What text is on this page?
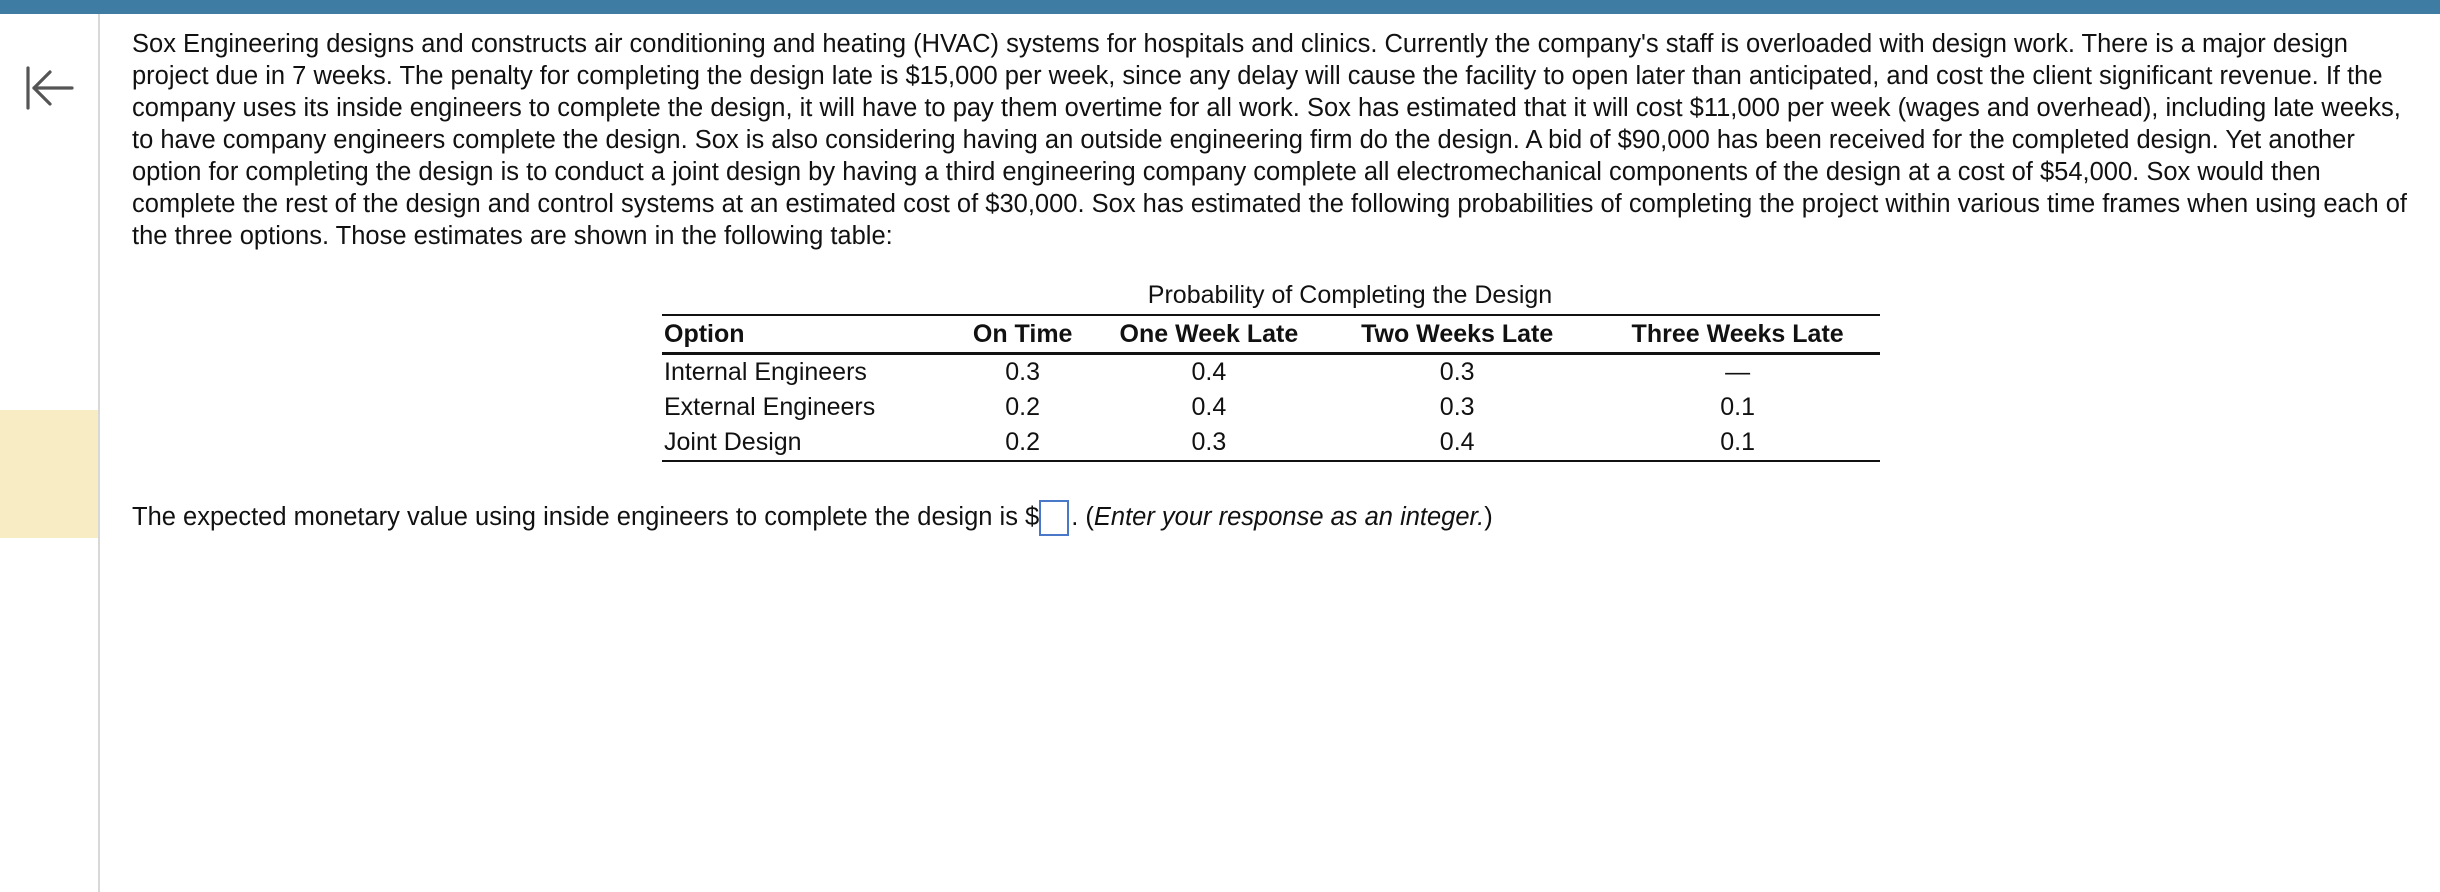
Sox Engineering designs and constructs air conditioning and heating (HVAC) systems for hospitals and clinics. Currently the company's staff is overloaded with design work. There is a major design project due in 7 weeks. The penalty for completing the design late is $15,000 per week, since any delay will cause the facility to open later than anticipated, and cost the client significant revenue. If the company uses its inside engineers to complete the design, it will have to pay them overtime for all work. Sox has estimated that it will cost $11,000 per week (wages and overhead), including late weeks, to have company engineers complete the design. Sox is also considering having an outside engineering firm do the design. A bid of $90,000 has been received for the completed design. Yet another option for completing the design is to conduct a joint design by having a third engineering company complete all electromechanical components of the design at a cost of $54,000. Sox would then complete the rest of the design and control systems at an estimated cost of $30,000. Sox has estimated the following probabilities of completing the project within various time frames when using each of the three options. Those estimates are shown in the following table:

Probability of Completing the Design
Option	On Time	One Week Late	Two Weeks Late	Three Weeks Late
Internal Engineers	0.3	0.4	0.3	—
External Engineers	0.2	0.4	0.3	0.1
Joint Design	0.2	0.3	0.4	0.1
The expected monetary value using inside engineers to complete the design is $ . (Enter your response as an integer.)
